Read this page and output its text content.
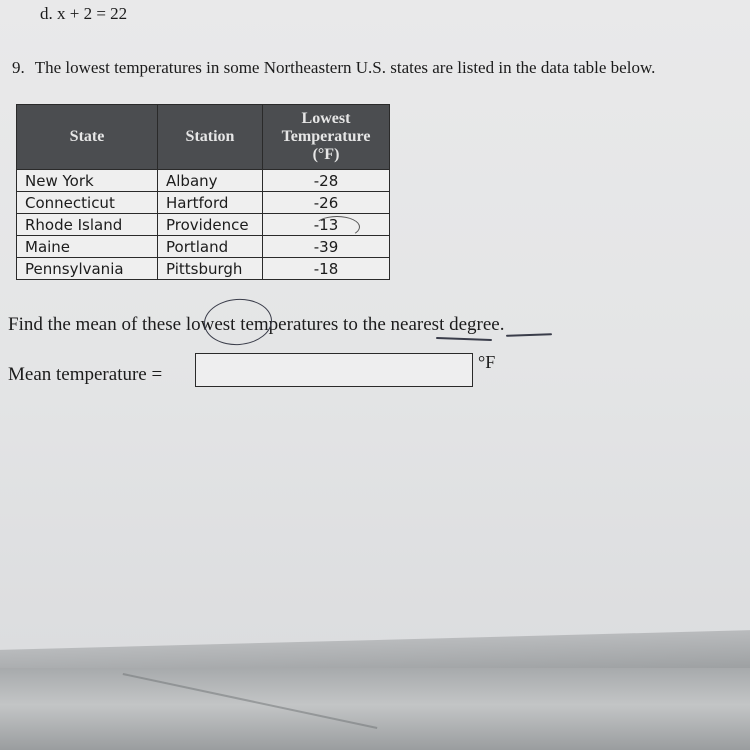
d. x + 2 = 22
9. The lowest temperatures in some Northeastern U.S. states are listed in the data table below.
State	Station	Lowest
Temperature
(°F)
New York	Albany	-28
Connecticut	Hartford	-26
Rhode Island	Providence	-13
Maine	Portland	-39
Pennsylvania	Pittsburgh	-18
Find the mean of these lowest temperatures to the nearest degree.
Mean temperature =
°F
